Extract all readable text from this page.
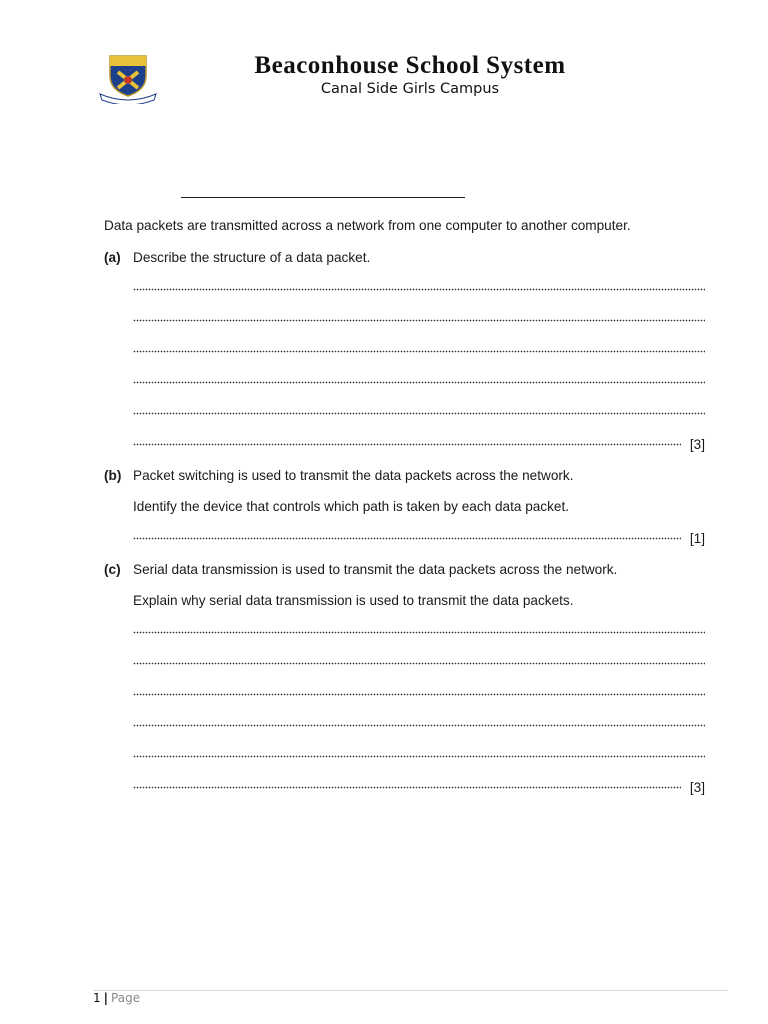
Beaconhouse School System
Canal Side Girls Campus
Data packets are transmitted across a network from one computer to another computer.
(a) Describe the structure of a data packet.
[3]
(b) Packet switching is used to transmit the data packets across the network.
Identify the device that controls which path is taken by each data packet.
[1]
(c) Serial data transmission is used to transmit the data packets across the network.
Explain why serial data transmission is used to transmit the data packets.
[3]
1 | Page
